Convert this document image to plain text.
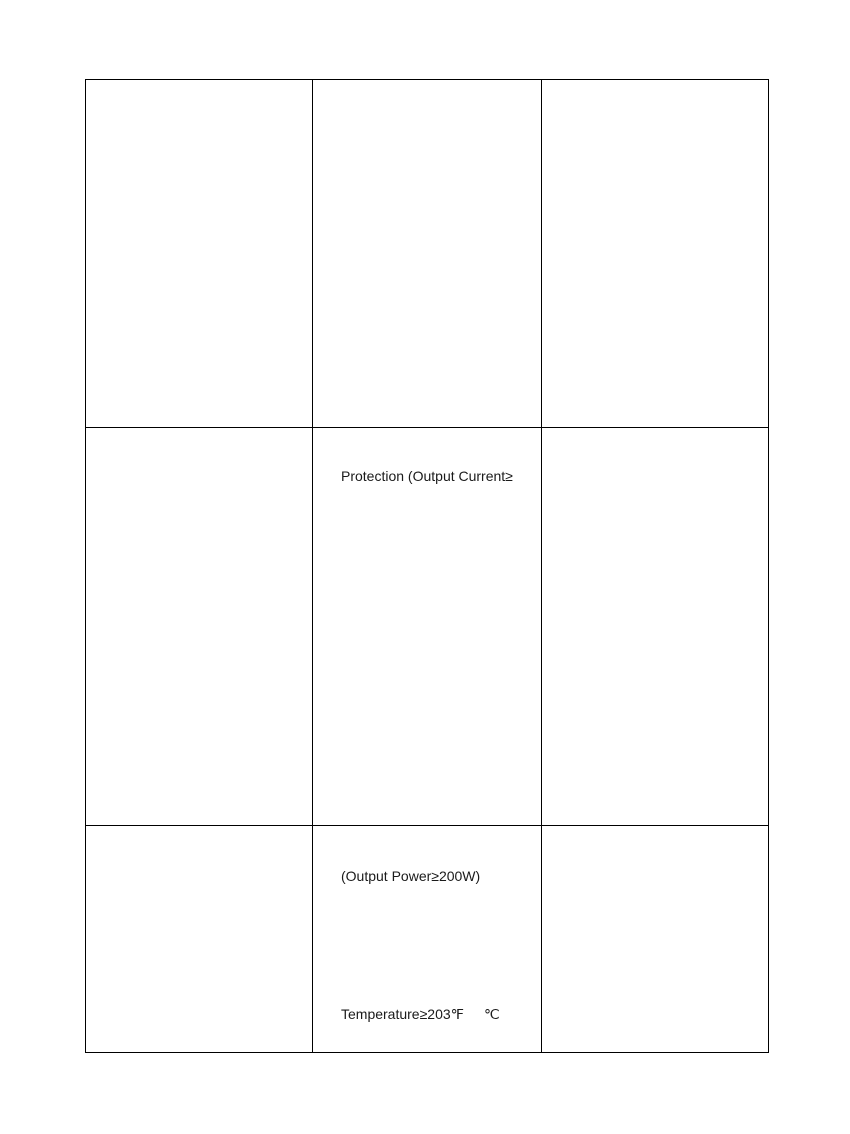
	Protection (Output Current≥	

	(Output Power≥200W)
Temperature≥203℉ ℃	
